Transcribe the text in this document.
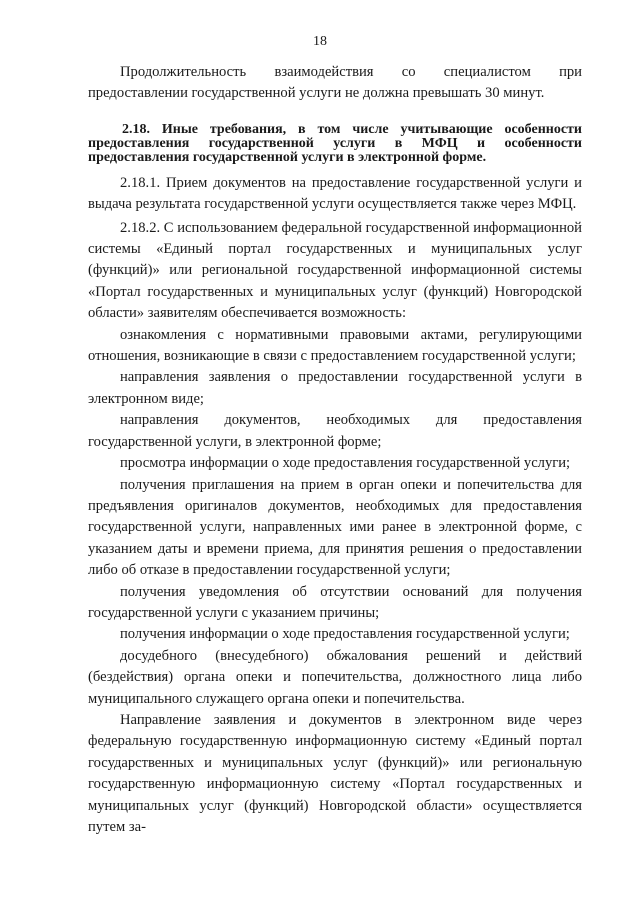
18

Продолжительность взаимодействия со специалистом при предоставлении государственной услуги не должна превышать 30 минут.

2.18. Иные требования, в том числе учитывающие особенности предоставления государственной услуги в МФЦ и особенности предоставления государственной услуги в электронной форме.

2.18.1. Прием документов на предоставление государственной услуги и выдача результата государственной услуги осуществляется также через МФЦ.

2.18.2. С использованием федеральной государственной информационной системы «Единый портал государственных и муниципальных услуг (функций)» или региональной государственной информационной системы «Портал государственных и муниципальных услуг (функций) Новгородской области» заявителям обеспечивается возможность:

ознакомления с нормативными правовыми актами, регулирующими отношения, возникающие в связи с предоставлением государственной услуги;

направления заявления о предоставлении государственной услуги в электронном виде;

направления документов, необходимых для предоставления государственной услуги, в электронной форме;

просмотра информации о ходе предоставления государственной услуги;

получения приглашения на прием в орган опеки и попечительства для предъявления оригиналов документов, необходимых для предоставления государственной услуги, направленных ими ранее в электронной форме, с указанием даты и времени приема, для принятия решения о предоставлении либо об отказе в предоставлении государственной услуги;

получения уведомления об отсутствии оснований для получения государственной услуги с указанием причины;

получения информации о ходе предоставления государственной услуги;

досудебного (внесудебного) обжалования решений и действий (бездействия) органа опеки и попечительства, должностного лица либо муниципального служащего органа опеки и попечительства.

Направление заявления и документов в электронном виде через федеральную государственную информационную систему «Единый портал государственных и муниципальных услуг (функций)» или региональную государственную информационную систему «Портал государственных и муниципальных услуг (функций) Новгородской области» осуществляется путем за-
